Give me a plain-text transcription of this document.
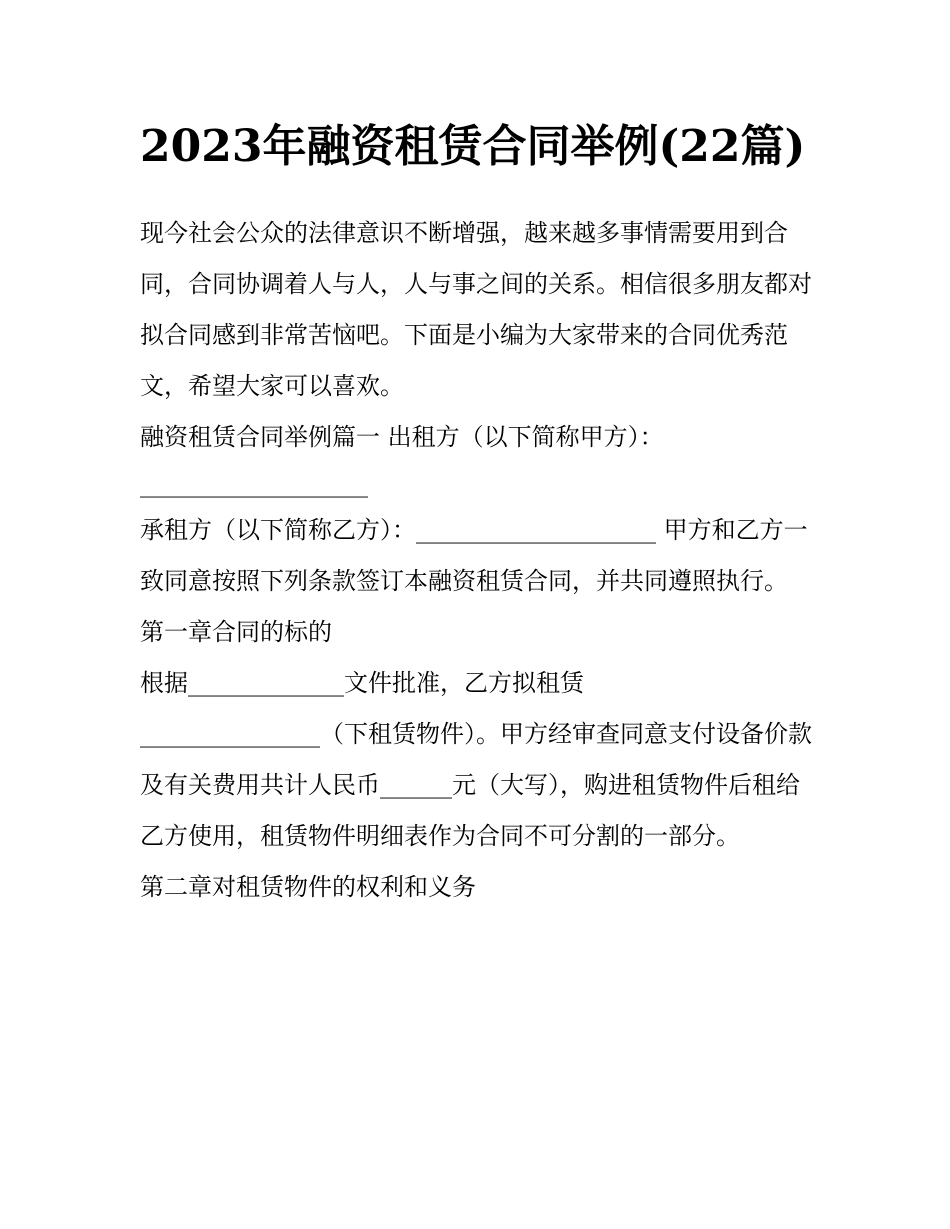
2023年融资租赁合同举例(22篇)

现今社会公众的法律意识不断增强，越来越多事情需要用到合同，合同协调着人与人，人与事之间的关系。相信很多朋友都对拟合同感到非常苦恼吧。下面是小编为大家带来的合同优秀范文，希望大家可以喜欢。

融资租赁合同举例篇一 出租方（以下简称甲方）：

___________________

承租方（以下简称乙方）：____________________ 甲方和乙方一致同意按照下列条款签订本融资租赁合同，并共同遵照执行。

第一章合同的标的

根据_____________文件批准，乙方拟租赁

_______________（下租赁物件）。甲方经审查同意支付设备价款及有关费用共计人民币______元（大写），购进租赁物件后租给乙方使用，租赁物件明细表作为合同不可分割的一部分。

第二章对租赁物件的权利和义务
